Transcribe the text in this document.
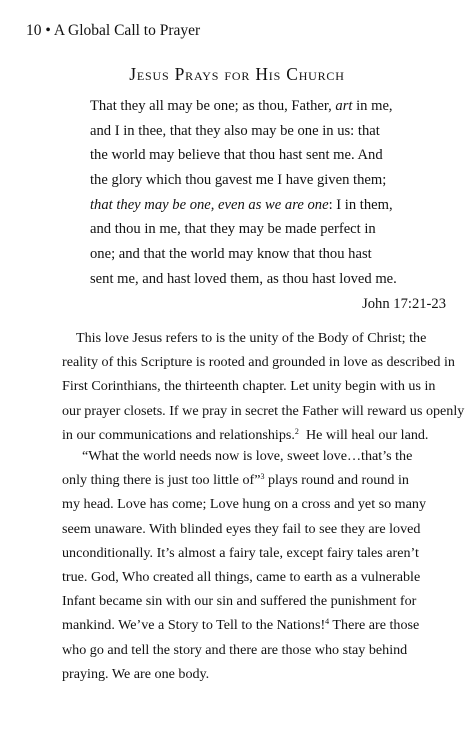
10 • A Global Call to Prayer
Jesus Prays for His Church
That they all may be one; as thou, Father, art in me,
and I in thee, that they also may be one in us: that
the world may believe that thou hast sent me. And
the glory which thou gavest me I have given them;
that they may be one, even as we are one: I in them,
and thou in me, that they may be made perfect in
one; and that the world may know that thou hast
sent me, and hast loved them, as thou hast loved me.
John 17:21-23
This love Jesus refers to is the unity of the Body of Christ; the
reality of this Scripture is rooted and grounded in love as described in
First Corinthians, the thirteenth chapter. Let unity begin with us in
our prayer closets. If we pray in secret the Father will reward us openly
in our communications and relationships.$^2$  He will heal our land.
“What the world needs now is love, sweet love…that’s the
only thing there is just too little of”$^3$ plays round and round in
my head. Love has come; Love hung on a cross and yet so many
seem unaware. With blinded eyes they fail to see they are loved
unconditionally. It’s almost a fairy tale, except fairy tales aren’t
true. God, Who created all things, came to earth as a vulnerable
Infant became sin with our sin and suffered the punishment for
mankind. We’ve a Story to Tell to the Nations!$^4$ There are those
who go and tell the story and there are those who stay behind
praying. We are one body.
